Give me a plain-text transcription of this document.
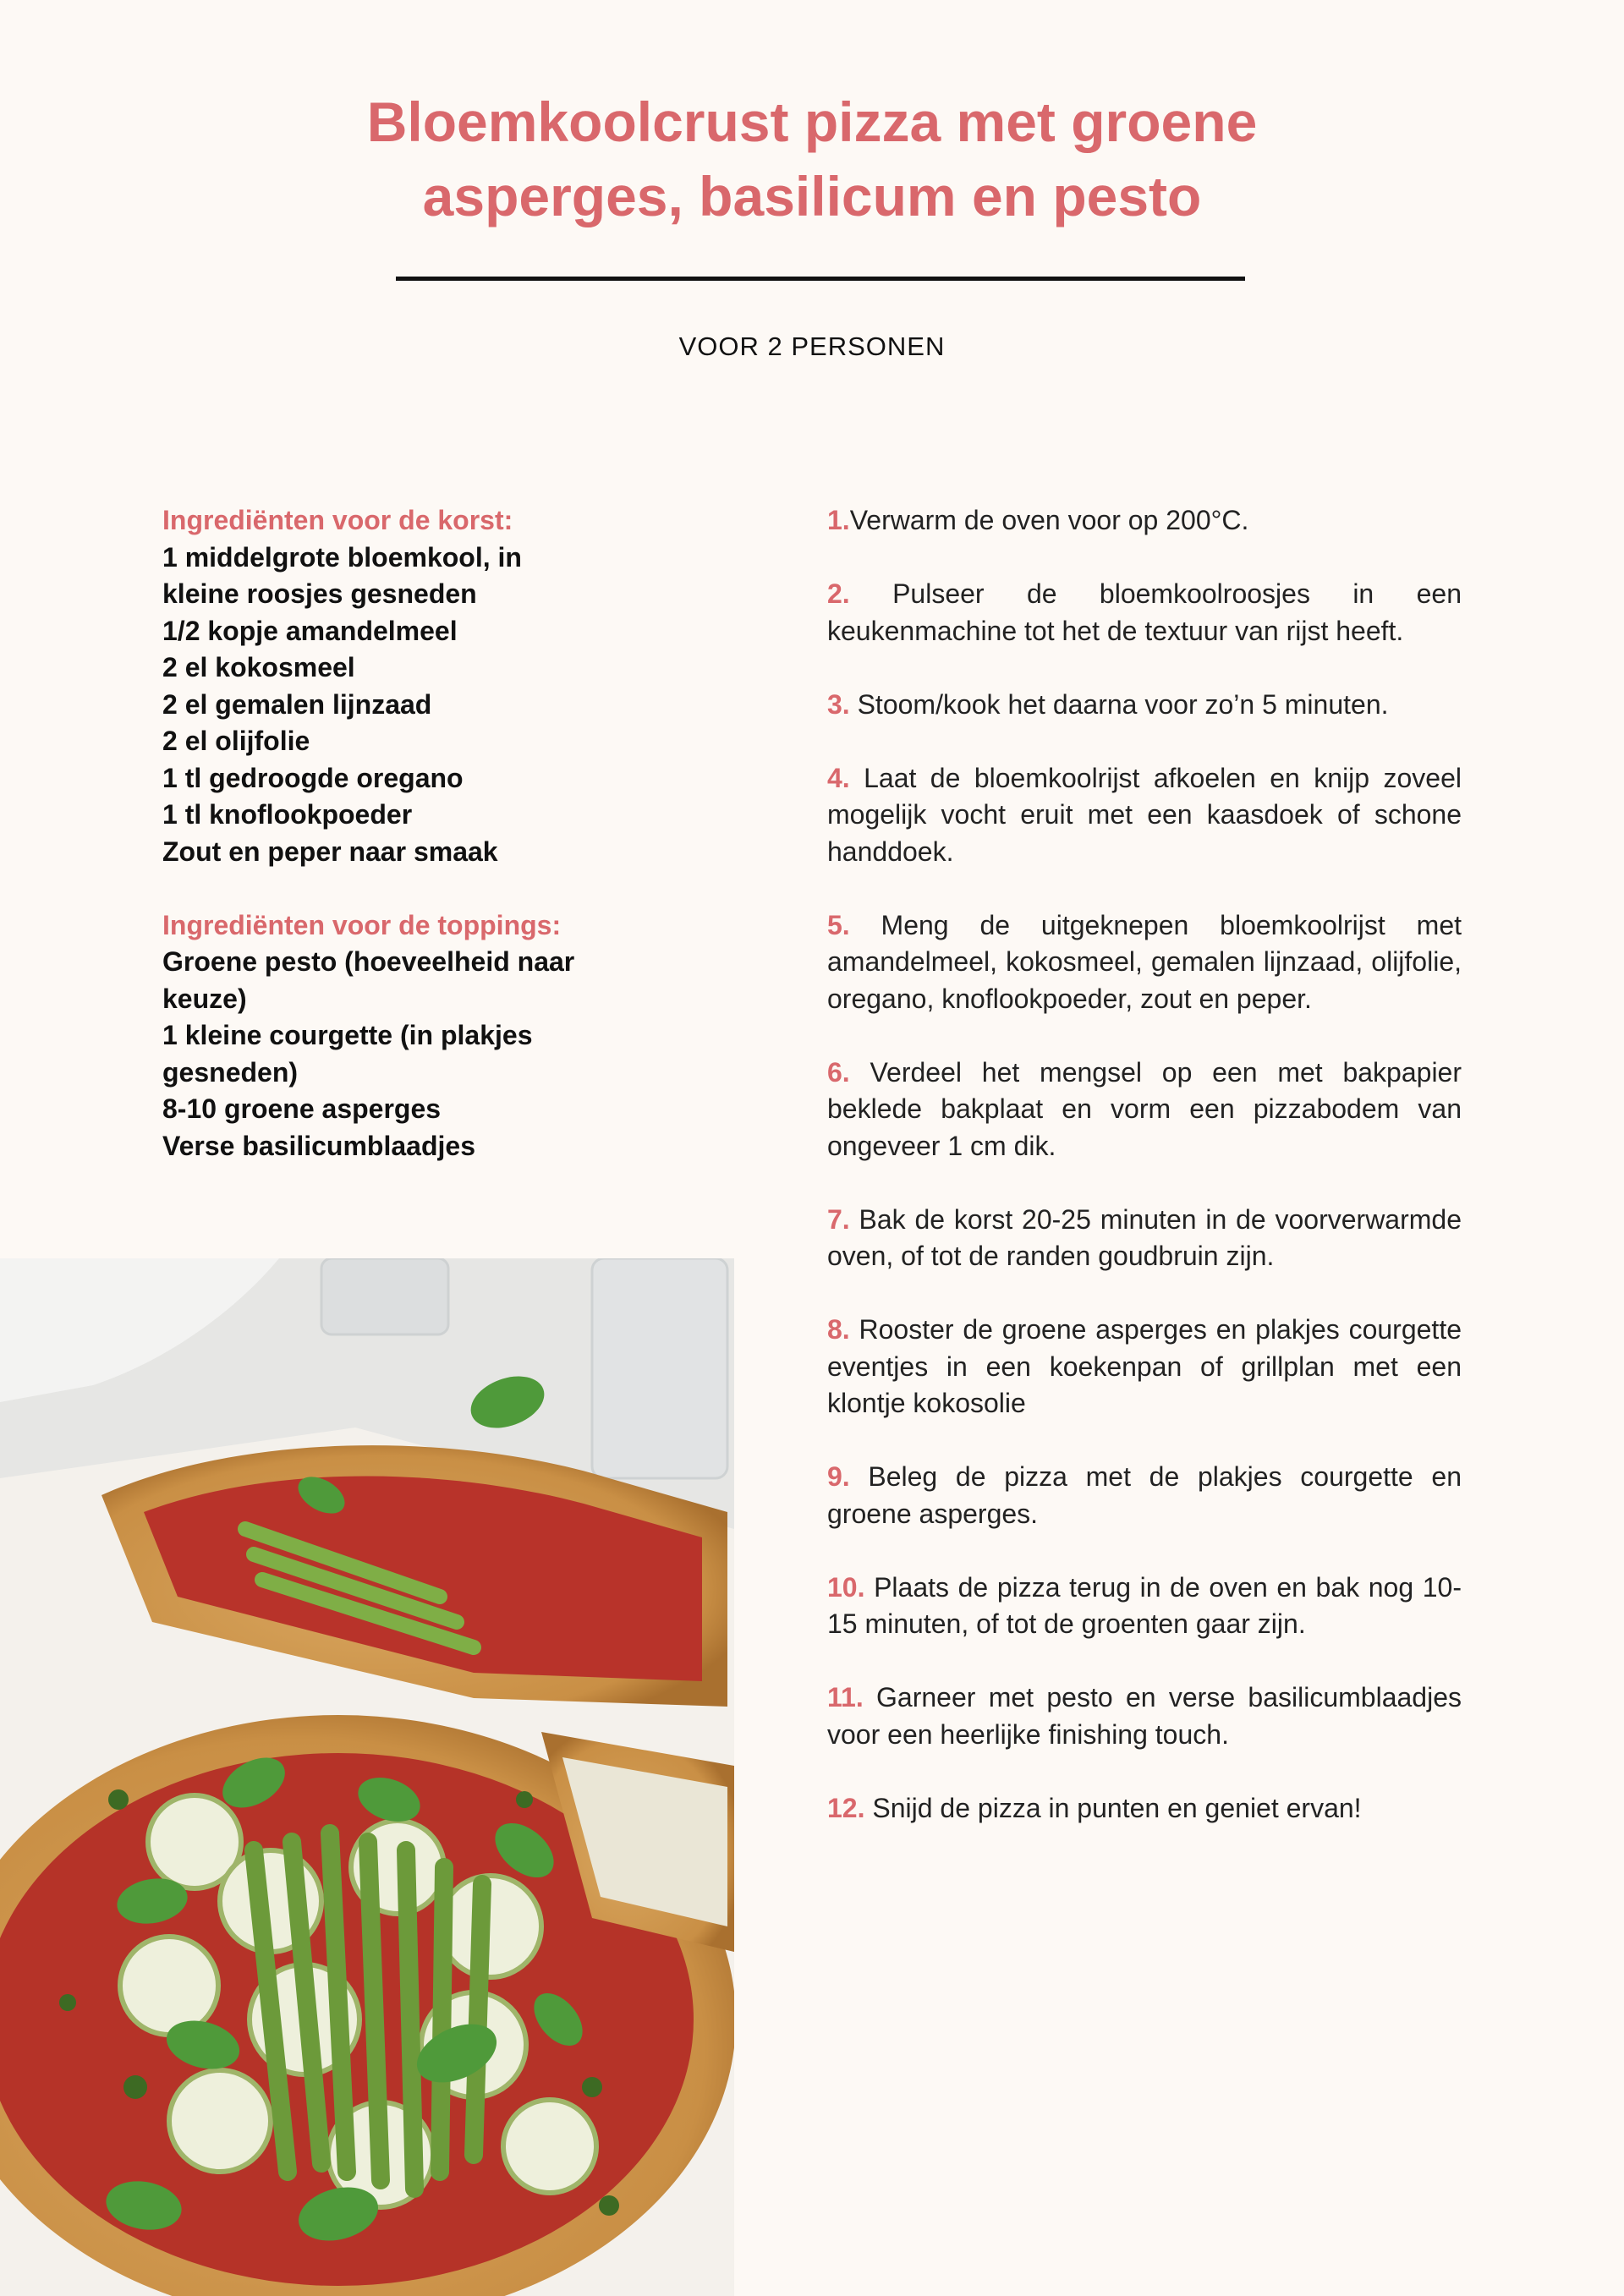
Bloemkoolcrust pizza met groene
asperges, basilicum en pesto
VOOR 2 PERSONEN
Ingrediënten voor de korst:
1 middelgrote bloemkool, in kleine roosjes gesneden
1/2 kopje amandelmeel
2 el kokosmeel
2 el gemalen lijnzaad
2 el olijfolie
1 tl gedroogde oregano
1 tl knoflookpoeder
Zout en peper naar smaak
Ingrediënten voor de toppings:
Groene pesto (hoeveelheid naar keuze)
1 kleine courgette (in plakjes gesneden)
8-10 groene asperges
Verse basilicumblaadjes

1.Verwarm de oven voor op 200°C.

2. Pulseer de bloemkoolroosjes in een keukenmachine tot het de textuur van rijst heeft.

3. Stoom/kook het daarna voor zo’n 5 minuten.

4. Laat de bloemkoolrijst afkoelen en knijp zoveel mogelijk vocht eruit met een kaasdoek of schone handdoek.

5. Meng de uitgeknepen bloemkoolrijst met amandelmeel, kokosmeel, gemalen lijnzaad, olijfolie, oregano, knoflookpoeder, zout en peper.

6. Verdeel het mengsel op een met bakpapier beklede bakplaat en vorm een pizzabodem van ongeveer 1 cm dik.

7. Bak de korst 20-25 minuten in de voorverwarmde oven, of tot de randen goudbruin zijn.

8. Rooster de groene asperges en plakjes courgette eventjes in een koekenpan of grillplan met een klontje kokosolie

9. Beleg de pizza met de plakjes courgette en groene asperges.

10. Plaats de pizza terug in de oven en bak nog 10-15 minuten, of tot de groenten gaar zijn.

11. Garneer met pesto en verse basilicumblaadjes voor een heerlijke finishing touch.

12. Snijd de pizza in punten en geniet ervan!
